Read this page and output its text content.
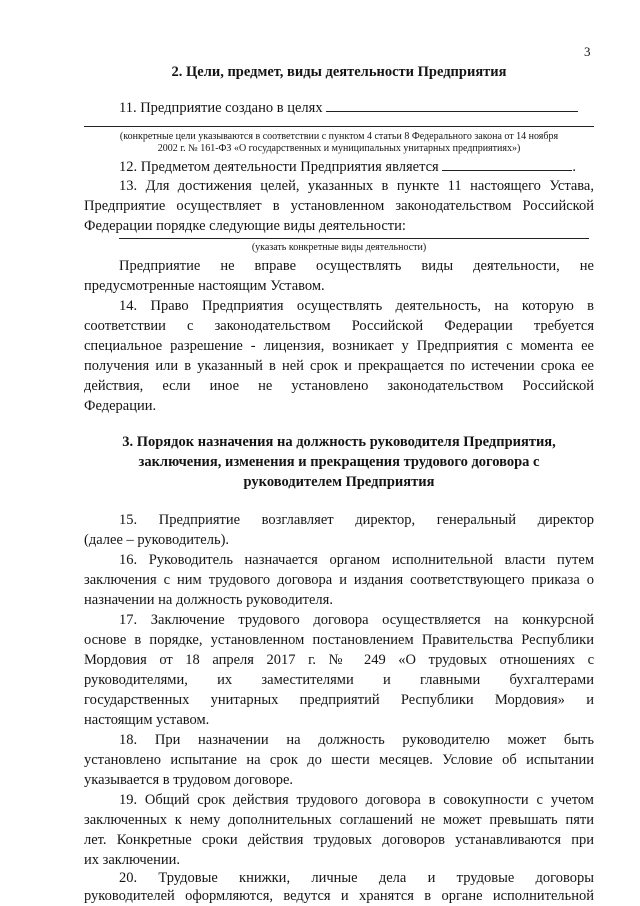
3
2. Цели, предмет, виды деятельности Предприятия
11. Предприятие создано в целях
(конкретные цели указываются в соответствии с пунктом 4 статьи 8 Федерального закона от 14 ноября
2002 г. № 161-ФЗ «О государственных и муниципальных унитарных предприятиях»)
12. Предметом деятельности Предприятия является	.
13. Для достижения целей, указанных в пункте 11 настоящего Устава,
Предприятие осуществляет в установленном законодательством Российской
Федерации порядке следующие виды деятельности:
(указать конкретные виды деятельности)
Предприятие не вправе осуществлять виды деятельности, не
предусмотренные настоящим Уставом.
14. Право Предприятия осуществлять деятельность, на которую в
соответствии с законодательством Российской Федерации требуется
специальное разрешение - лицензия, возникает у Предприятия с момента ее
получения или в указанный в ней срок и прекращается по истечении срока ее
действия, если иное не установлено законодательством Российской
Федерации.
3. Порядок назначения на должность руководителя Предприятия,
заключения, изменения и прекращения трудового договора с
руководителем Предприятия
15. Предприятие возглавляет директор, генеральный директор
(далее – руководитель).
16. Руководитель назначается органом исполнительной власти путем
заключения с ним трудового договора и издания соответствующего приказа о
назначении на должность руководителя.
17. Заключение трудового договора осуществляется на конкурсной
основе в порядке, установленном постановлением Правительства Республики
Мордовия от 18 апреля 2017 г. № 249 «О трудовых отношениях с
руководителями, их заместителями и главными бухгалтерами
государственных унитарных предприятий Республики Мордовия» и
настоящим уставом.
18. При назначении на должность руководителю может быть
установлено испытание на срок до шести месяцев. Условие об испытании
указывается в трудовом договоре.
19. Общий срок действия трудового договора в совокупности с учетом
заключенных к нему дополнительных соглашений не может превышать пяти
лет. Конкретные сроки действия трудовых договоров устанавливаются при
их заключении.
20. Трудовые книжки, личные дела и трудовые договоры
руководителей оформляются, ведутся и хранятся в органе исполнительной
